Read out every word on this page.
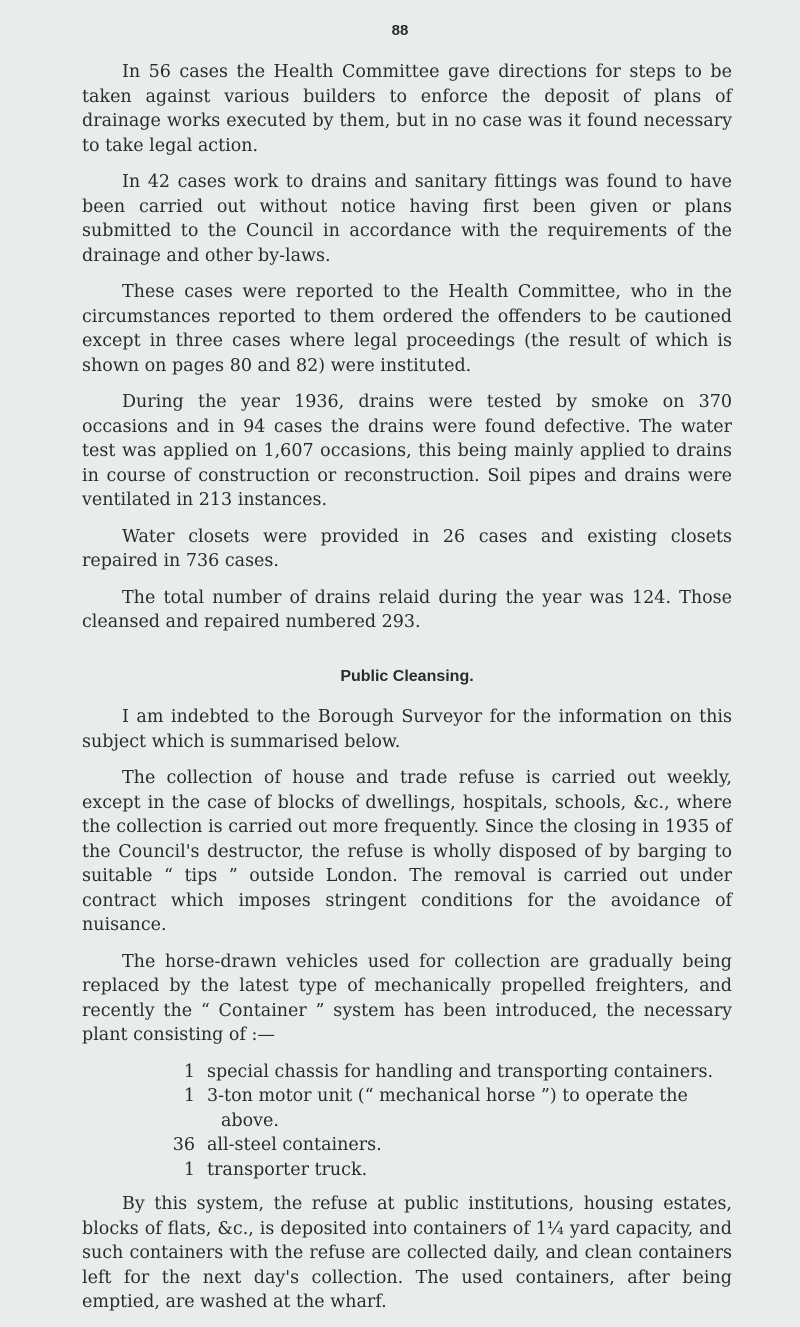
88

In 56 cases the Health Committee gave directions for steps to be taken against various builders to enforce the deposit of plans of drainage works executed by them, but in no case was it found necessary to take legal action.

In 42 cases work to drains and sanitary fittings was found to have been carried out without notice having first been given or plans submitted to the Council in accordance with the requirements of the drainage and other by-laws.

These cases were reported to the Health Committee, who in the circumstances reported to them ordered the offenders to be cautioned except in three cases where legal proceedings (the result of which is shown on pages 80 and 82) were instituted.

During the year 1936, drains were tested by smoke on 370 occasions and in 94 cases the drains were found defective. The water test was applied on 1,607 occasions, this being mainly applied to drains in course of construction or reconstruction. Soil pipes and drains were ventilated in 213 instances.

Water closets were provided in 26 cases and existing closets repaired in 736 cases.

The total number of drains relaid during the year was 124. Those cleansed and repaired numbered 293.

Public Cleansing.

I am indebted to the Borough Surveyor for the information on this subject which is summarised below.

The collection of house and trade refuse is carried out weekly, except in the case of blocks of dwellings, hospitals, schools, &c., where the collection is carried out more frequently. Since the closing in 1935 of the Council's destructor, the refuse is wholly disposed of by barging to suitable “ tips ” outside London. The removal is carried out under contract which imposes stringent conditions for the avoidance of nuisance.

The horse-drawn vehicles used for collection are gradually being replaced by the latest type of mechanically propelled freighters, and recently the “ Container ” system has been introduced, the necessary plant consisting of :—

1 special chassis for handling and transporting containers.
1 3-ton motor unit (“ mechanical horse ”) to operate the above.
36 all-steel containers.
1 transporter truck.

By this system, the refuse at public institutions, housing estates, blocks of flats, &c., is deposited into containers of 1¼ yard capacity, and such containers with the refuse are collected daily, and clean containers left for the next day's collection. The used containers, after being emptied, are washed at the wharf.
